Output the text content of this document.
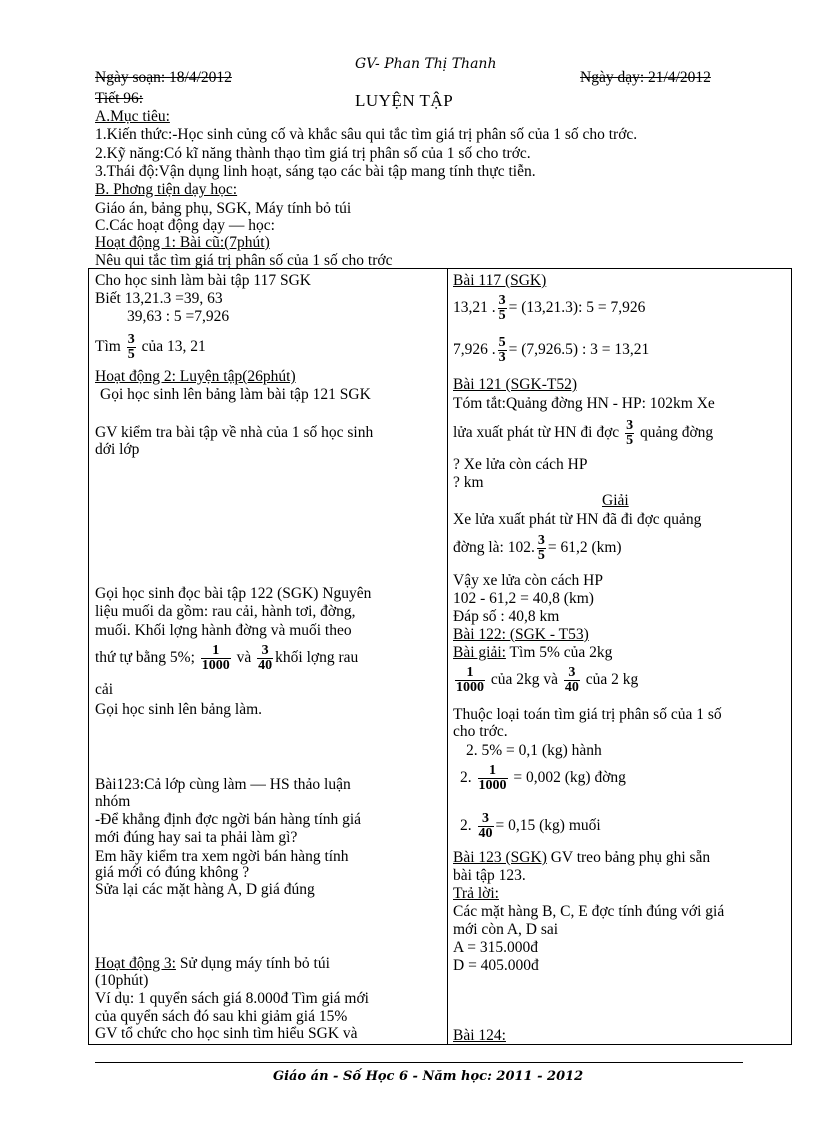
GV- Phan Thị Thanh
Ngày soạn: 18/4/2012	Ngày dạy: 21/4/2012
Tiết 96:	LUYỆN TẬP
A.Mục tiêu:
1.Kiến thức:-Học sinh củng cố và khắc sâu qui tắc tìm giá trị phân số của 1 số cho trớc.
2.Kỹ năng:Có kĩ năng thành thạo tìm giá trị phân số của 1 số cho trớc.
3.Thái độ:Vận dụng linh hoạt, sáng tạo các bài tập mang tính thực tiễn.
B. Phơng tiện dạy học:
Giáo án, bảng phụ, SGK, Máy tính bỏ túi
C.Các hoạt động dạy — học:
Hoạt động 1: Bài cũ:(7phút)
Nêu qui tắc tìm giá trị phân số của 1 số cho trớc
Cho học sinh làm bài tập 117 SGK
Biết 13,21.3 =39, 63
39,63 : 5 =7,926
Tìm $\frac{3}{5}$ của 13, 21
Hoạt động 2: Luyện tập(26phút)
Gọi học sinh lên bảng làm bài tập 121 SGK
GV kiểm tra bài tập về nhà của 1 số học sinh
dới lớp
Gọi học sinh đọc bài tập 122 (SGK) Nguyên
liệu muối da gồm: rau cải, hành tơi, đờng,
muối. Khối lợng hành đờng và muối theo
thứ tự bằng 5%; $\frac{1}{1000}$ và $\frac{3}{40}$ khối lợng rau
cải
Gọi học sinh lên bảng làm.
Bài123:Cả lớp cùng làm — HS thảo luận
nhóm
-Để khẳng định đợc ngời bán hàng tính giá
mới đúng hay sai ta phải làm gì?
Em hãy kiểm tra xem ngời bán hàng tính
giá mới có đúng không ?
Sửa lại các mặt hàng A, D giá đúng
Hoạt động 3: Sử dụng máy tính bỏ túi
(10phút)
Ví dụ: 1 quyển sách giá 8.000đ Tìm giá mới
của quyển sách đó sau khi giảm giá 15%
GV tổ chức cho học sinh tìm hiểu SGK và
Bài 117 (SGK)
13,21 . $\frac{3}{5} = (13,21.3)$: 5 = 7,926
7,926 . $\frac{5}{3} = (7,926.5)$ : 3 = 13,21
Bài 121 (SGK-T52)
Tóm tắt:Quảng đờng HN - HP: 102km Xe
lửa xuất phát từ HN đi đợc $\frac{3}{5}$ quảng đờng
? Xe lửa còn cách HP
? km
Giải
Xe lửa xuất phát từ HN đã đi đợc quảng
đờng là: 102. $\frac{3}{5} = 61,2$ (km)
Vậy xe lửa còn cách HP
102 - 61,2 = 40,8 (km)
Đáp số : 40,8 km
Bài 122: (SGK - T53)
Bài giải: Tìm 5% của 2kg
$\frac{1}{1000}$ của 2kg và $\frac{3}{40}$ của 2 kg
Thuộc loại toán tìm giá trị phân số của 1 số
cho trớc.
2. 5% = 0,1 (kg) hành
2. $\frac{1}{1000} = 0,002$ (kg) đờng
2. $\frac{3}{40} = 0,15$ (kg) muối
Bài 123 (SGK) GV treo bảng phụ ghi sẵn
bài tập 123.
Trả lời:
Các mặt hàng B, C, E đợc tính đúng với giá
mới còn A, D sai
A = 315.000đ
D = 405.000đ
Bài 124:
Giáo án - Số Học 6 - Năm học: 2011 - 2012
